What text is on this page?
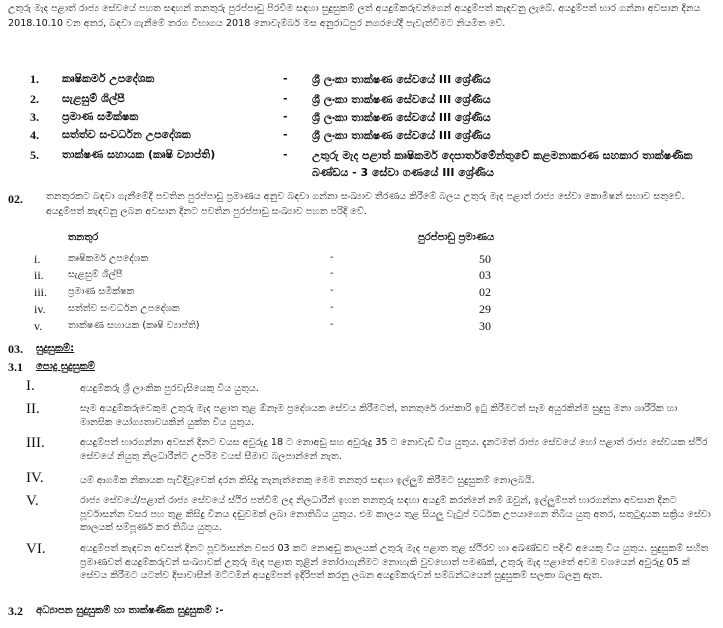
උතුරු මැද පළාත් රාජ්‍ය සේවයේ පහත සඳහන් තනතුරු පුරප්පාඩු පිරවීම සඳහා සුදුසුකම් ලත් අයදුම්කරුවන්ගෙන් අයදුම්පත් කැඳවනු ලැබේ. අයදුම්පත් භාර ගන්නා අවසාන දිනය 2018.10.10 වන අතර, බඳවා ගැනීමේ තරග විභාගය 2018 නොවැම්බර් මස අනුරාධපුර නගරයේදී පැවැත්වීමට නියමිත වේ.
1.	කෘෂිකර්ම උපදේශක	- ශ්‍රී ලංකා තාක්ෂණ සේවයේ III ශ්‍රේණිය
2.	සැළසුම් ශිල්පී	- ශ්‍රී ලංකා තාක්ෂණ සේවයේ III ශ්‍රේණිය
3.	ප්‍රමාණ සමීක්ෂක	- ශ්‍රී ලංකා තාක්ෂණ සේවයේ III ශ්‍රේණිය
4.	සත්ත්ව සංවර්ධන උපදේශක	- ශ්‍රී ලංකා තාක්ෂණ සේවයේ III ශ්‍රේණිය
5.	තාක්ෂණ සහායක (කෘෂි ව්‍යාප්ති)	- උතුරු මැද පළාත් කෘෂිකර්ම දෙපාර්තමේන්තුවේ කළමනාකරණ සහකාර තාක්ෂණික බණ්ඩය - 3 සේවා ගණයේ III ශ්‍රේණිය
02. තනතුරකට බඳවා ගැනීමේදී පවතින පුරප්පාඩු ප්‍රමාණය අනුව බඳවා ගන්නා සංඛ්‍යාව තීරණය කිරීමේ බලය උතුරු මැද පළාත් රාජ්‍ය සේවා කොමිෂන් සභාව සතුවේ. අයදුම්පත් කැඳවනු ලබන අවසාන දිනට පවතින පුරප්පාඩු සංඛ්‍යාව පහත පරිදි වේ.
තනතුර	පුරප්පාඩු ප්‍රමාණය
i.	කෘෂිකර්ම උපදේශක	-	50
ii.	සැළසුම් ශිල්පී	-	03
iii.	ප්‍රමාණ සමීක්ෂක	-	02
iv.	සත්ත්ව සංවර්ධන උපදේශක	-	29
v.	තාක්ෂණ සහායක (කෘෂි ව්‍යාප්ති)	-	30
03. සුදුසුකම්:
3.1 පොදු සුදුසුකම්
I.	අයදුම්කරු ශ්‍රී ලාංකික පුරවැසියෙකු විය යුතුය.
II.	සෑම අයදුම්කරුවෙකුම උතුරු මැද පළාත තුළ ඕනෑම ප්‍රදේශයක සේවය කිරීමටත්, තනතුරේ රාජකාරි ඉටු කිරීමටත් සෑම අයුරකින්ම සුදුසු මනා ශාරීරික හා මානසික යෝග්‍යතාවයකින් යුක්ත විය යුතුය.
III.	අයදුම්පත් භාරගන්නා අවසන් දිනට වයස අවුරුදු 18 ට නොඅඩු සහ අවුරුදු 35 ට නොවැඩි විය යුතුය. දැනටමත් රාජ්‍ය සේවයේ හෝ පළාත් රාජ්‍ය සේවයක ස්ථිර සේවයේ නියුතු නිලධාරීන්ට උපරිම වයස් සීමාව බලපාන්නේ නැත.
IV.	යම් ආගමික නිකායක පැවිදිවූවෙක් දරන කිසිදු තැනැත්තෙකු මෙම තනතුර සඳහා ඉල්ලුම් කිරීමට සුදුසුකම් නොලබයි.
V.	රාජ්‍ය සේවයේ/පළාත් රාජ්‍ය සේවයේ ස්ථිර පත්වීම් ලද නිලධාරීන් ඉහත තනතුරු සඳහා අයදුම් කරන්නේ නම් ඔවුන්, ඉල්ලුම්පත් භාරගන්නා අවසාන දිනට පූර්වාසන්න වසර පහ තුළ කිසිදු විනය දඬුවමක් ලබා නොතිබිය යුතුය. එම කාලය තුළ සියලු වැටුප් වර්ධක උපයාගෙන තිබිය යුතු අතර, සතුටුදායක සක්‍රිය සේවා කාලයක් සම්පූර්ණ කර තිබිය යුතුය.
VI.	අයදුම්පත් කැඳවන අවසන් දිනට පූර්වාසන්න වසර 03 කට නොඅඩු කාලයක් උතුරු මැද පළාත තුළ ස්ථිරව හා අඛණ්ඩව පදිංචි අයෙකු විය යුතුය. සුදුසුකම් සහිත ප්‍රමාණවත් අයදුම්කරුවන් සංඛ්‍යාවක් උතුරු මැද පළාත තුළින් තෝරාගැනීමට නොහැකි වුවහොත් පමණක්, උතුරු මැද පළාතේ අවම වශයෙන් අවුරුදු 05 ක් සේවය කිරීමට යටත්ව දිසාවාසීන් මට්ටමින් අයදුම්පත් ඉදිරිපත් කරනු ලබන අයදුම්කරුවන් සම්බන්ධයෙන් සුදුසුකම් සලකා බලනු ඇත.
3.2 අධ්‍යාපන සුදුසුකම් හා තාක්ෂණික සුදුසුකම් :-
